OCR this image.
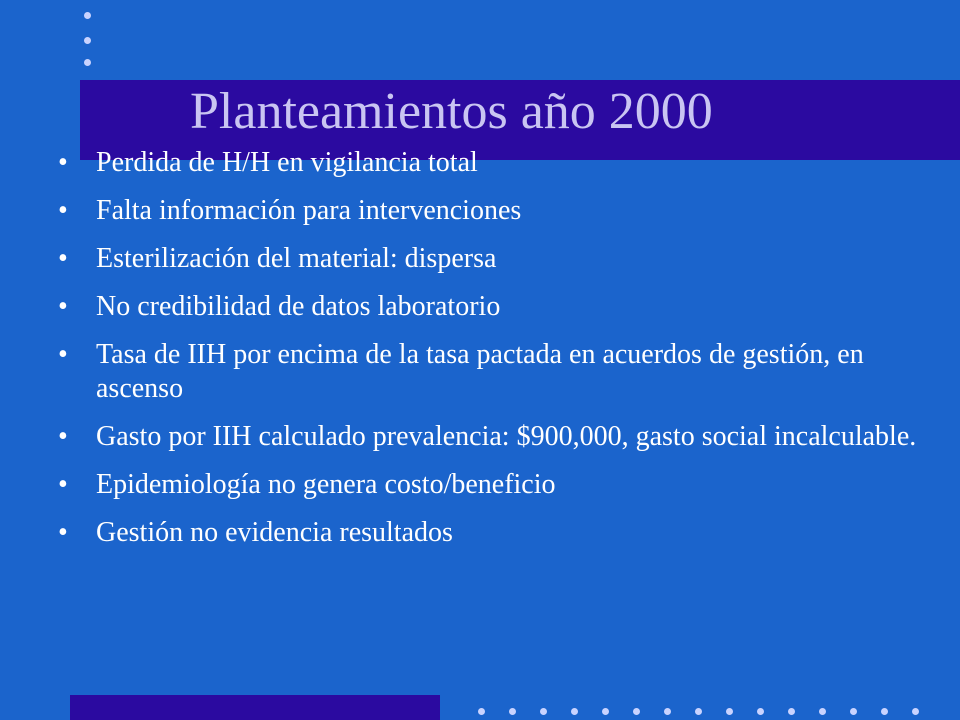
Planteamientos año 2000
• Perdida de H/H en vigilancia total
• Falta información para intervenciones
• Esterilización del material: dispersa
• No credibilidad de datos laboratorio
• Tasa de IIH por encima de la tasa pactada en acuerdos de gestión, en ascenso
• Gasto por IIH calculado prevalencia: $900,000, gasto social incalculable.
• Epidemiología no genera costo/beneficio
• Gestión no evidencia resultados
